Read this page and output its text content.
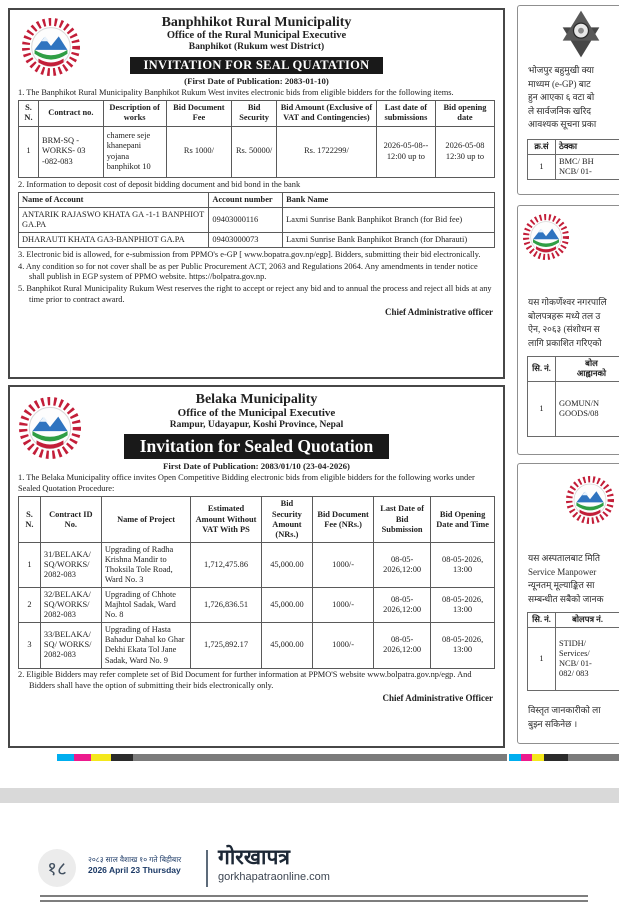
Banphhikot Rural Municipality
Office of the Rural Municipal Executive
Banphikot (Rukum west District)
INVITATION FOR SEAL QUATATION
(First Date of Publication: 2083-01-10)
1. The Banphikot Rural Municipality Banphikot Rukum West invites electronic bids from eligible bidders for the following items.
S. N.	Contract no.	Description of works	Bid Document Fee	Bid Security	Bid Amount (Exclusive of VAT and Contingencies)	Last date of submissions	Bid opening date
1	BRM-SQ - WORKS- 03 -082-083	chamere seje khanepani yojana banphikot 10	Rs 1000/	Rs. 50000/	Rs. 1722299/	2026-05-08-- 12:00 up to	2026-05-08 12:30 up to
2. Information to deposit cost of deposit bidding document and bid bond in the bank
Name of Account	Account number	Bank Name
ANTARIK RAJASWO KHATA GA -1-1 BANPHIOT GA.PA	09403000116	Laxmi Sunrise Bank Banphikot Branch (for Bid fee)
DHARAUTI KHATA GA3-BANPHIOT GA.PA	09403000073	Laxmi Sunrise Bank Banphikot Branch (for Dharauti)
3. Electronic bid is allowed, for e-submission from PPMO's e-GP [ www.bopatra.gov.np/egp]. Bidders, submitting their bid electronically.
4. Any condition so for not cover shall be as per Public Procurement ACT, 2063 and Regulations 2064. Any amendments in tender notice shall publish in EGP system of PPMO website. https://bolpatra.gov.np.
5. Banphikot Rural Municipality Rukum West reserves the right to accept or reject any bid and to annual the process and reject all bids at any time prior to contract award.
Chief Administrative officer
Belaka Municipality
Office of the Municipal Executive
Rampur, Udayapur, Koshi Province, Nepal
Invitation for Sealed Quotation
First Date of Publication: 2083/01/10 (23-04-2026)
1. The Belaka Municipality office invites Open Competitive Bidding electronic bids from eligible bidders for the following works under Sealed Quotation Procedure:
S. N.	Contract ID No.	Name of Project	Estimated Amount Without VAT With PS	Bid Security Amount (NRs.)	Bid Document Fee (NRs.)	Last Date of Bid Submission	Bid Opening Date and Time
1	31/BELAKA/ SQ/WORKS/ 2082-083	Upgrading of Radha Krishna Mandir to Thoksila Tole Road, Ward No. 3	1,712,475.86	45,000.00	1000/-	08-05- 2026,12:00	08-05-2026, 13:00
2	32/BELAKA/ SQ/WORKS/ 2082-083	Upgrading of Chhote Majhtol Sadak, Ward No. 8	1,726,836.51	45,000.00	1000/-	08-05- 2026,12:00	08-05-2026, 13:00
3	33/BELAKA/ SQ/ WORKS/ 2082-083	Upgrading of Hasta Bahadur Dahal ko Ghar Dekhi Ekata Tol Jane Sadak, Ward No. 9	1,725,892.17	45,000.00	1000/-	08-05- 2026,12:00	08-05-2026, 13:00
2. Eligible Bidders may refer complete set of Bid Document for further information at PPMO'S website www.bolpatra.gov.np/egp. And Bidders shall have the option of submitting their bids electronically only.
Chief Administrative Officer
भोजपुर बहुमुखी क्या
माध्यम (e-GP) बाट
हुन आएका ६ वटा बो
ले सार्वजनिक खरिद
आवश्यक सूचना प्रका
क्र.सं	ठेक्का
1	BMC/ BH
NCB/ 01-
यस गोकर्णेश्वर नगरपालि
बोलपत्रहरू मध्ये तल उ
ऐन, २०६३ (संशोधन स
लागि प्रकाशित गरिएको
सि. नं.	बोल
आह्वानको	

1	GOMUN/N
GOODS/08	

यस अस्पतालबाट मिति
Service Manpower
न्यूनतम् मूल्याङ्कित सा
सम्बन्धीत सबैको जानक
सि. नं.	बोलपत्र नं.	
1	STIDH/
Services/
NCB/ 01-
082/ 083	

विस्तृत जानकारीको ला
बुझ्न सकिनेछ ।
१८	२०८३ साल वैशाख १० गते बिहीबार
2026 April 23 Thursday
गोरखापत्र
gorkhapatraonline.com
